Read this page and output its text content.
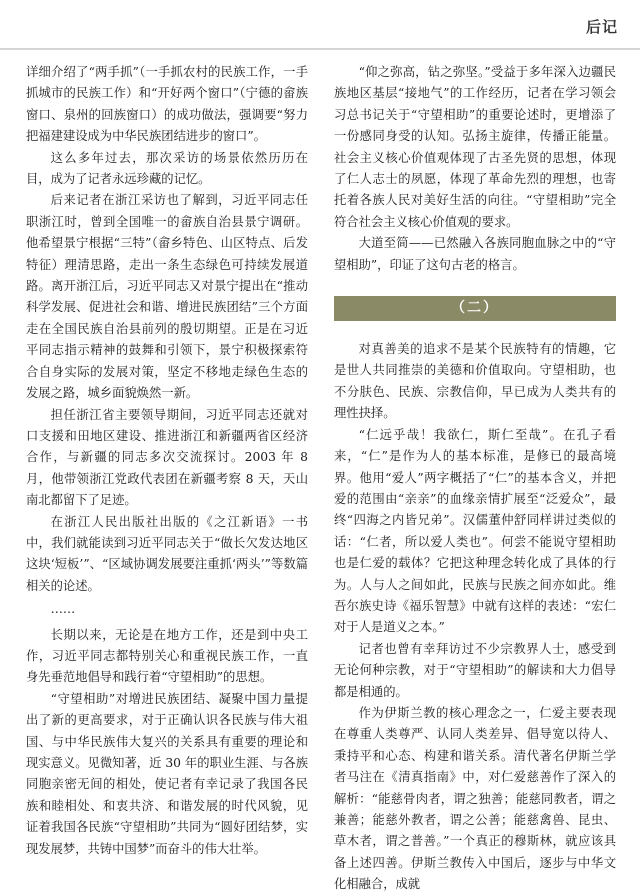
后记

详细介绍了“两手抓”（一手抓农村的民族工作，一手抓城市的民族工作）和“开好两个窗口”（宁德的畲族窗口、泉州的回族窗口）的成功做法，强调要“努力把福建建设成为中华民族团结进步的窗口”。

这么多年过去，那次采访的场景依然历历在目，成为了记者永远珍藏的记忆。

后来记者在浙江采访也了解到，习近平同志任职浙江时，曾到全国唯一的畲族自治县景宁调研。他希望景宁根据“三特”（畲乡特色、山区特点、后发特征）理清思路，走出一条生态绿色可持续发展道路。离开浙江后，习近平同志又对景宁提出在“推动科学发展、促进社会和谐、增进民族团结”三个方面走在全国民族自治县前列的殷切期望。正是在习近平同志指示精神的鼓舞和引领下，景宁积极探索符合自身实际的发展对策，坚定不移地走绿色生态的发展之路，城乡面貌焕然一新。

担任浙江省主要领导期间，习近平同志还就对口支援和田地区建设、推进浙江和新疆两省区经济合作，与新疆的同志多次交流探讨。2003 年 8 月，他带领浙江党政代表团在新疆考察 8 天，天山南北都留下了足迹。

在浙江人民出版社出版的《之江新语》一书中，我们就能读到习近平同志关于“做长欠发达地区这块‘短板’”、“区域协调发展要注重抓‘两头’”等数篇相关的论述。

……

长期以来，无论是在地方工作，还是到中央工作，习近平同志都特别关心和重视民族工作，一直身先垂范地倡导和践行着“守望相助”的思想。

“守望相助”对增进民族团结、凝聚中国力量提出了新的更高要求，对于正确认识各民族与伟大祖国、与中华民族伟大复兴的关系具有重要的理论和现实意义。见微知著，近 30 年的职业生涯、与各族同胞亲密无间的相处，使记者有幸记录了我国各民族和睦相处、和衷共济、和谐发展的时代风貌，见证着我国各民族“守望相助”共同为“圆好团结梦，实现发展梦，共铸中国梦”而奋斗的伟大壮举。

“仰之弥高，钻之弥坚。”受益于多年深入边疆民族地区基层“接地气”的工作经历，记者在学习领会习总书记关于“守望相助”的重要论述时，更增添了一份感同身受的认知。弘扬主旋律，传播正能量。社会主义核心价值观体现了古圣先贤的思想，体现了仁人志士的夙愿，体现了革命先烈的理想，也寄托着各族人民对美好生活的向往。“守望相助”完全符合社会主义核心价值观的要求。

大道至简——已然融入各族同胞血脉之中的“守望相助”，印证了这句古老的格言。

（二）

对真善美的追求不是某个民族特有的情趣，它是世人共同推崇的美德和价值取向。守望相助，也不分肤色、民族、宗教信仰，早已成为人类共有的理性抉择。

“仁远乎哉！我欲仁，斯仁至哉”。在孔子看来，“仁”是作为人的基本标准，是修已的最高境界。他用“爱人”两字概括了“仁”的基本含义，并把爱的范围由“亲亲”的血缘亲情扩展至“泛爱众”，最终“四海之内皆兄弟”。汉儒董仲舒同样讲过类似的话：“仁者，所以爱人类也”。何尝不能说守望相助也是仁爱的载体？它把这种理念转化成了具体的行为。人与人之间如此，民族与民族之间亦如此。维吾尔族史诗《福乐智慧》中就有这样的表述：“宏仁对于人是道义之本。”

记者也曾有幸拜访过不少宗教界人士，感受到无论何种宗教，对于“守望相助”的解读和大力倡导都是相通的。

作为伊斯兰教的核心理念之一，仁爱主要表现在尊重人类尊严、认同人类差异、倡导宽以待人、秉持平和心态、构建和谐关系。清代著名伊斯兰学者马注在《清真指南》中，对仁爱慈善作了深入的解析：“能慈骨肉者，谓之独善；能慈同教者，谓之兼善；能慈外教者，谓之公善；能慈禽兽、昆虫、草木者，谓之普善。”一个真正的穆斯林，就应该具备上述四善。伊斯兰教传入中国后，逐步与中华文化相融合，成就
